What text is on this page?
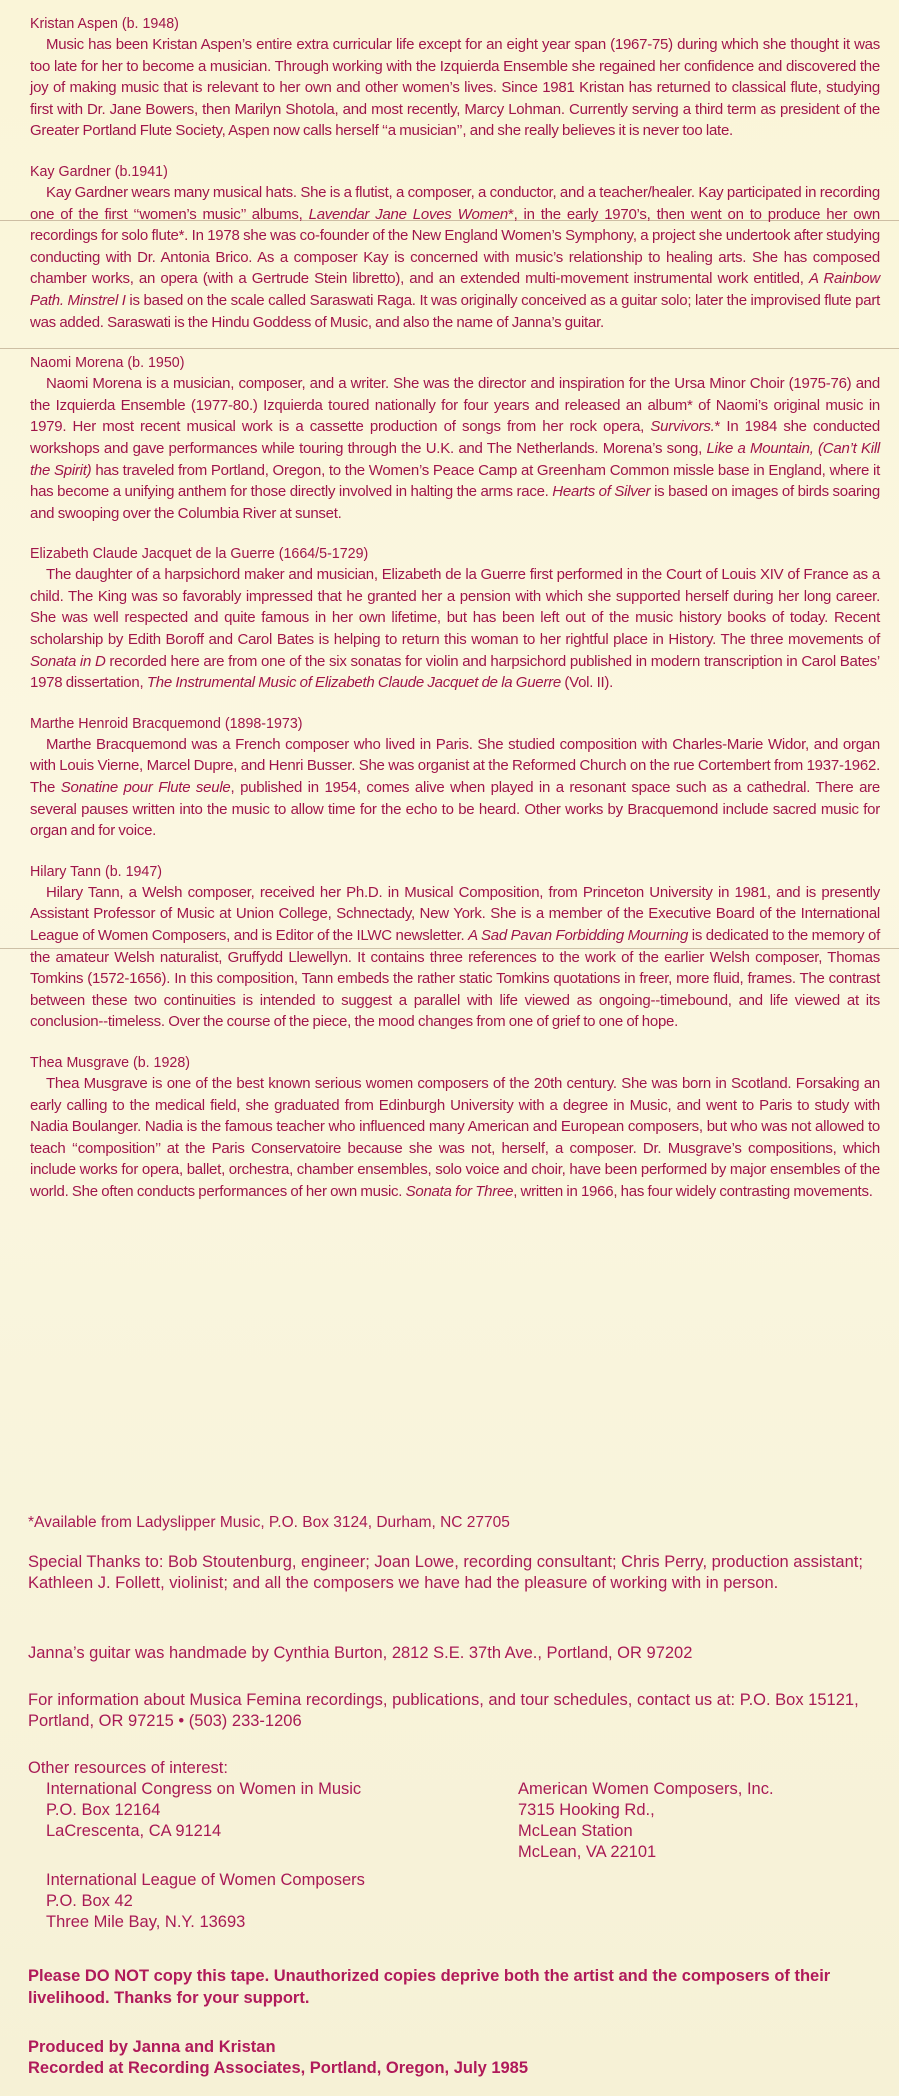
Kristan Aspen (b. 1948)

Music has been Kristan Aspen’s entire extra curricular life except for an eight year span (1967-75) during which she thought it was too late for her to become a musician. Through working with the Izquierda Ensemble she regained her confidence and discovered the joy of making music that is relevant to her own and other women’s lives. Since 1981 Kristan has returned to classical flute, studying first with Dr. Jane Bowers, then Marilyn Shotola, and most recently, Marcy Lohman. Currently serving a third term as president of the Greater Portland Flute Society, Aspen now calls herself ‘‘a musician’’, and she really believes it is never too late.

Kay Gardner (b.1941)

Kay Gardner wears many musical hats. She is a flutist, a composer, a conductor, and a teacher/healer. Kay participated in recording one of the first ‘‘women’s music’’ albums, Lavendar Jane Loves Women*, in the early 1970’s, then went on to produce her own recordings for solo flute*. In 1978 she was co-founder of the New England Women’s Symphony, a project she undertook after studying conducting with Dr. Antonia Brico. As a composer Kay is concerned with music’s relationship to healing arts. She has composed chamber works, an opera (with a Gertrude Stein libretto), and an extended multi-movement instrumental work entitled, A Rainbow Path. Minstrel I is based on the scale called Saraswati Raga. It was originally conceived as a guitar solo; later the improvised flute part was added. Saraswati is the Hindu Goddess of Music, and also the name of Janna’s guitar.

Naomi Morena (b. 1950)

Naomi Morena is a musician, composer, and a writer. She was the director and inspiration for the Ursa Minor Choir (1975-76) and the Izquierda Ensemble (1977-80.) Izquierda toured nationally for four years and released an album* of Naomi’s original music in 1979. Her most recent musical work is a cassette production of songs from her rock opera, Survivors.* In 1984 she conducted workshops and gave performances while touring through the U.K. and The Netherlands. Morena’s song, Like a Mountain, (Can’t Kill the Spirit) has traveled from Portland, Oregon, to the Women’s Peace Camp at Greenham Common missle base in England, where it has become a unifying anthem for those directly involved in halting the arms race. Hearts of Silver is based on images of birds soaring and swooping over the Columbia River at sunset.

Elizabeth Claude Jacquet de la Guerre (1664/5-1729)

The daughter of a harpsichord maker and musician, Elizabeth de la Guerre first performed in the Court of Louis XIV of France as a child. The King was so favorably impressed that he granted her a pension with which she supported herself during her long career. She was well respected and quite famous in her own lifetime, but has been left out of the music history books of today. Recent scholarship by Edith Boroff and Carol Bates is helping to return this woman to her rightful place in History. The three movements of Sonata in D recorded here are from one of the six sonatas for violin and harpsichord published in modern transcription in Carol Bates’ 1978 dissertation, The Instrumental Music of Elizabeth Claude Jacquet de la Guerre (Vol. II).

Marthe Henroid Bracquemond (1898-1973)

Marthe Bracquemond was a French composer who lived in Paris. She studied composition with Charles-Marie Widor, and organ with Louis Vierne, Marcel Dupre, and Henri Busser. She was organist at the Reformed Church on the rue Cortembert from 1937-1962. The Sonatine pour Flute seule, published in 1954, comes alive when played in a resonant space such as a cathedral. There are several pauses written into the music to allow time for the echo to be heard. Other works by Bracquemond include sacred music for organ and for voice.

Hilary Tann (b. 1947)

Hilary Tann, a Welsh composer, received her Ph.D. in Musical Composition, from Princeton University in 1981, and is presently Assistant Professor of Music at Union College, Schnectady, New York. She is a member of the Executive Board of the International League of Women Composers, and is Editor of the ILWC newsletter. A Sad Pavan Forbidding Mourning is dedicated to the memory of the amateur Welsh naturalist, Gruffydd Llewellyn. It contains three references to the work of the earlier Welsh composer, Thomas Tomkins (1572-1656). In this composition, Tann embeds the rather static Tomkins quotations in freer, more fluid, frames. The contrast between these two continuities is intended to suggest a parallel with life viewed as ongoing--timebound, and life viewed at its conclusion--timeless. Over the course of the piece, the mood changes from one of grief to one of hope.

Thea Musgrave (b. 1928)

Thea Musgrave is one of the best known serious women composers of the 20th century. She was born in Scotland. Forsaking an early calling to the medical field, she graduated from Edinburgh University with a degree in Music, and went to Paris to study with Nadia Boulanger. Nadia is the famous teacher who influenced many American and European composers, but who was not allowed to teach ‘‘composition’’ at the Paris Conservatoire because she was not, herself, a composer. Dr. Musgrave’s compositions, which include works for opera, ballet, orchestra, chamber ensembles, solo voice and choir, have been performed by major ensembles of the world. She often conducts performances of her own music. Sonata for Three, written in 1966, has four widely contrasting movements.

*Available from Ladyslipper Music, P.O. Box 3124, Durham, NC 27705
Special Thanks to: Bob Stoutenburg, engineer; Joan Lowe, recording consultant; Chris Perry, production assistant; Kathleen J. Follett, violinist; and all the composers we have had the pleasure of working with in person.
Janna’s guitar was handmade by Cynthia Burton, 2812 S.E. 37th Ave., Portland, OR 97202
For information about Musica Femina recordings, publications, and tour schedules, contact us at: P.O. Box 15121, Portland, OR 97215 • (503) 233-1206
Other resources of interest:
International Congress on Women in Music
P.O. Box 12164
LaCrescenta, CA 91214
American Women Composers, Inc.
7315 Hooking Rd.,
McLean Station
McLean, VA 22101
International League of Women Composers
P.O. Box 42
Three Mile Bay, N.Y. 13693
Please DO NOT copy this tape. Unauthorized copies deprive both the artist and the composers of their livelihood. Thanks for your support.
Produced by Janna and Kristan
Recorded at Recording Associates, Portland, Oregon, July 1985
